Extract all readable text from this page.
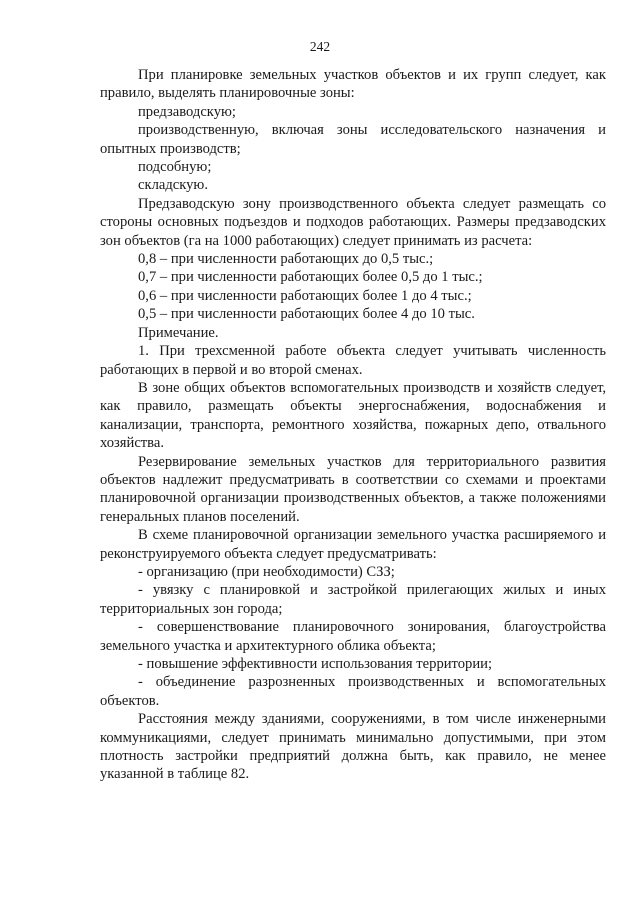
242

При планировке земельных участков объектов и их групп следует, как правило, выделять планировочные зоны:

предзаводскую;

производственную, включая зоны исследовательского назначения и опытных производств;

подсобную;

складскую.

Предзаводскую зону производственного объекта следует размещать со стороны основных подъездов и подходов работающих. Размеры предзаводских зон объектов (га на 1000 работающих) следует принимать из расчета:

0,8 – при численности работающих до 0,5 тыс.;

0,7 – при численности работающих более 0,5 до 1 тыс.;

0,6 – при численности работающих более 1 до 4 тыс.;

0,5 – при численности работающих более 4 до 10 тыс.

Примечание.

1. При трехсменной работе объекта следует учитывать численность работающих в первой и во второй сменах.

В зоне общих объектов вспомогательных производств и хозяйств следует, как правило, размещать объекты энергоснабжения, водоснабжения и канализации, транспорта, ремонтного хозяйства, пожарных депо, отвального хозяйства.

Резервирование земельных участков для территориального развития объектов надлежит предусматривать в соответствии со схемами и проектами планировочной организации производственных объектов, а также положениями генеральных планов поселений.

В схеме планировочной организации земельного участка расширяемого и реконструируемого объекта следует предусматривать:

- организацию (при необходимости) СЗЗ;

- увязку с планировкой и застройкой прилегающих жилых и иных территориальных зон города;

- совершенствование планировочного зонирования, благоустройства земельного участка и архитектурного облика объекта;

- повышение эффективности использования территории;

- объединение разрозненных производственных и вспомогательных объектов.

Расстояния между зданиями, сооружениями, в том числе инженерными коммуникациями, следует принимать минимально допустимыми, при этом плотность застройки предприятий должна быть, как правило, не менее указанной в таблице 82.
